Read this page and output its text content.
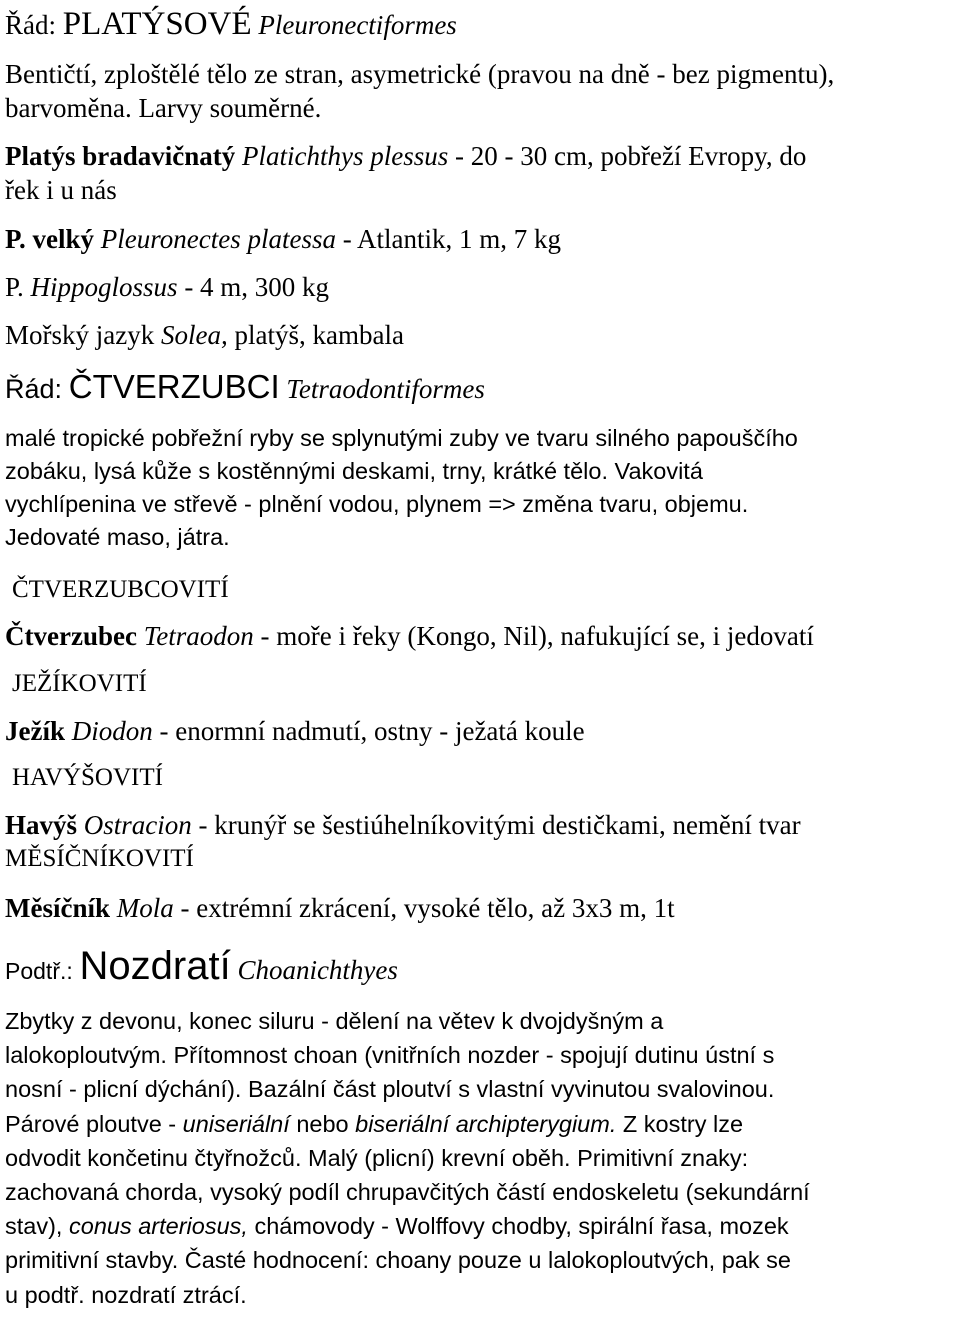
Řád: PLATÝSOVÉ Pleuronectiformes
Bentičtí, zploštělé tělo ze stran, asymetrické (pravou na dně - bez pigmentu),
barvoměna. Larvy souměrné.
Platýs bradavičnatý Platichthys plessus - 20 - 30 cm, pobřeží Evropy, do
řek i u nás
P. velký Pleuronectes platessa - Atlantik, 1 m, 7 kg
P. Hippoglossus - 4 m, 300 kg
Mořský jazyk Solea, platýš, kambala
Řád: ČTVERZUBCI Tetraodontiformes
malé tropické pobřežní ryby se splynutými zuby ve tvaru silného papouščího
zobáku, lysá kůže s kostěnnými deskami, trny, krátké tělo. Vakovitá
vychlípenina ve střevě - plnění vodou, plynem => změna tvaru, objemu.
Jedovaté maso, játra.
ČTVERZUBCOVITÍ
Čtverzubec Tetraodon - moře i řeky (Kongo, Nil), nafukující se, i jedovatí
JEŽÍKOVITÍ
Ježík Diodon - enormní nadmutí, ostny - ježatá koule
HAVÝŠOVITÍ
Havýš Ostracion - krunýř se šestiúhelníkovitými destičkami, nemění tvar
MĚSÍČNÍKOVITÍ
Měsíčník Mola - extrémní zkrácení, vysoké tělo, až 3x3 m, 1t
Podtř.: Nozdratí Choanichthyes
Zbytky z devonu, konec siluru - dělení na větev k dvojdyšným a
lalokoploutvým. Přítomnost choan (vnitřních nozder - spojují dutinu ústní s
nosní - plicní dýchání). Bazální část ploutví s vlastní vyvinutou svalovinou.
Párové ploutve - uniseriální nebo biseriální archipterygium. Z kostry lze
odvodit končetinu čtyřnožců. Malý (plicní) krevní oběh. Primitivní znaky:
zachovaná chorda, vysoký podíl chrupavčitých částí endoskeletu (sekundární
stav), conus arteriosus, chámovody - Wolffovy chodby, spirální řasa, mozek
primitivní stavby. Časté hodnocení: choany pouze u lalokoploutvých, pak se
u podtř. nozdratí ztrácí.
